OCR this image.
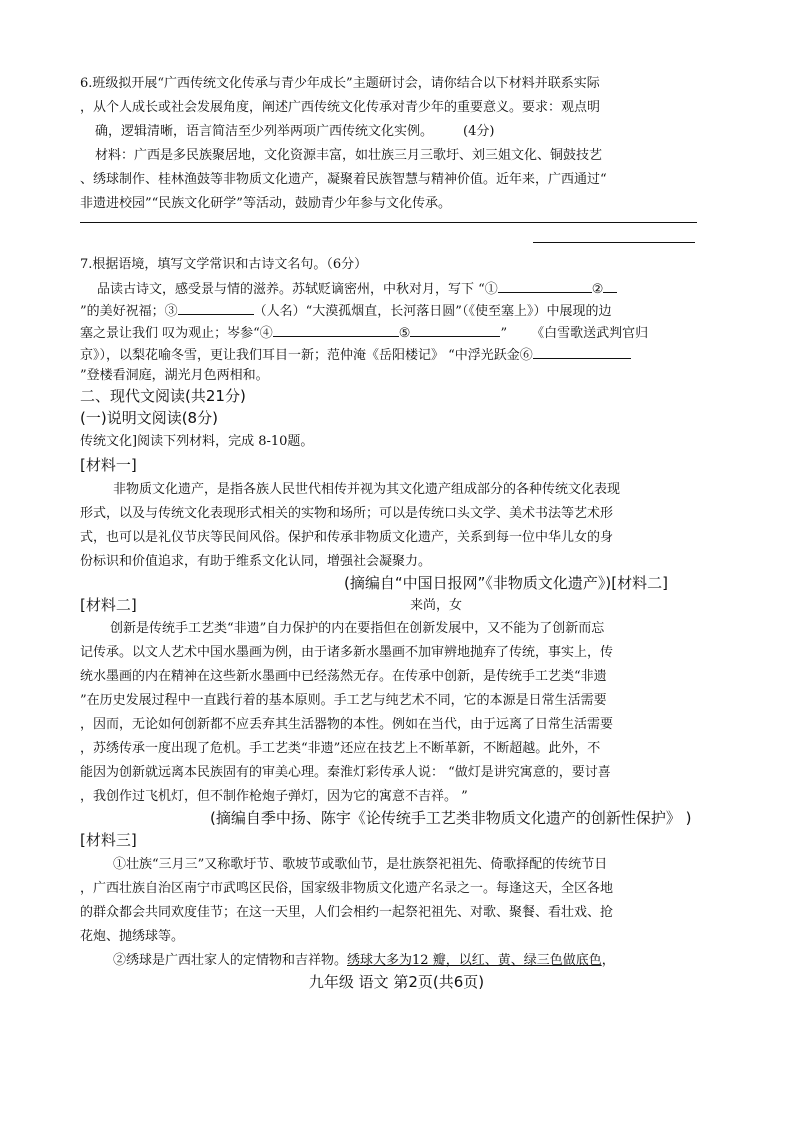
6.班级拟开展“广西传统文化传承与青少年成长”主题研讨会，请你结合以下材料并联系实际
，从个人成长或社会发展角度，阐述广西传统文化传承对青少年的重要意义。要求：观点明
确，逻辑清晰，语言简洁至少列举两项广西传统文化实例。 (4分)
材料：广西是多民族聚居地，文化资源丰富，如壮族三月三歌圩、刘三姐文化、铜鼓技艺
、绣球制作、桂林渔鼓等非物质文化遗产，凝聚着民族智慧与精神价值。近年来，广西通过“
非遗进校园”“民族文化研学”等活动，鼓励青少年参与文化传承。
7.根据语境，填写文学常识和古诗文名句。（6分）
品读古诗文，感受景与情的滋养。苏轼贬谪密州，中秋对月，写下 “①	②
”的美好祝福；③	（人名）“大漠孤烟直，长河落日圆”（《使至塞上》）中展现的边
塞之景让我们 叹为观止；岑参“④	⑤	” 《白雪歌送武判官归
京》），以梨花喻冬雪，更让我们耳目一新；范仲淹《岳阳楼记》 “中浮光跃金⑥
”登楼看洞庭，湖光月色两相和。
二、现代文阅读(共21分)
(一)说明文阅读(8分)
传统文化]阅读下列材料，完成 8-10题。
[材料一]
非物质文化遗产，是指各族人民世代相传并视为其文化遗产组成部分的各种传统文化表现
形式，以及与传统文化表现形式相关的实物和场所；可以是传统口头文学、美术书法等艺术形
式，也可以是礼仪节庆等民间风俗。保护和传承非物质文化遗产，关系到每一位中华儿女的身
份标识和价值追求，有助于维系文化认同，增强社会凝聚力。
(摘编自“中国日报网”《非物质文化遗产》)[材料二]
[材料二]	来尚，女
创新是传统手工艺类“非遗”自力保护的内在要指但在创新发展中，又不能为了创新而忘
记传承。以文人艺术中国水墨画为例，由于诸多新水墨画不加审辨地抛弃了传统，事实上，传
统水墨画的内在精神在这些新水墨画中已经荡然无存。在传承中创新，是传统手工艺类“非遗
”在历史发展过程中一直践行着的基本原则。手工艺与纯艺术不同，它的本源是日常生活需要
，因而，无论如何创新都不应丢弃其生活器物的本性。例如在当代，由于远离了日常生活需要
，苏绣传承一度出现了危机。手工艺类“非遗”还应在技艺上不断革新，不断超越。此外，不
能因为创新就远离本民族固有的审美心理。秦淮灯彩传承人说： “做灯是讲究寓意的，要讨喜
，我创作过飞机灯，但不制作枪炮子弹灯，因为它的寓意不吉祥。 ”
(摘编自季中扬、陈宇《论传统手工艺类非物质文化遗产的创新性保护》 )
[材料三]
①壮族“三月三”又称歌圩节、歌坡节或歌仙节，是壮族祭祀祖先、倚歌择配的传统节日
，广西壮族自治区南宁市武鸣区民俗，国家级非物质文化遗产名录之一。每逢这天，全区各地
的群众都会共同欢度佳节；在这一天里，人们会相约一起祭祀祖先、对歌、聚餐、看壮戏、抢
花炮、抛绣球等。
②绣球是广西壮家人的定情物和吉祥物。绣球大多为12 瓣，以红、黄、绿三色做底色，
九年级 语文 第2页(共6页)
